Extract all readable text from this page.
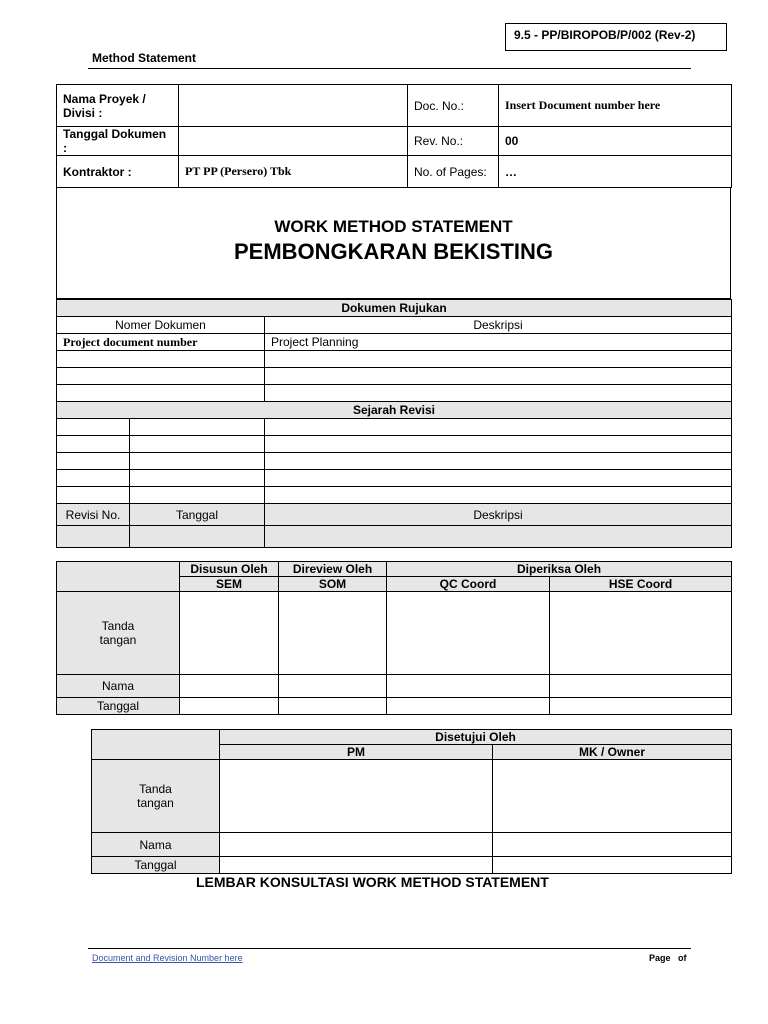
9.5 - PP/BIROPOB/P/002 (Rev-2)
Method Statement
Nama Proyek / Divisi :		Doc. No.:	Insert Document number here
Tanggal Dokumen :		Rev. No.:	00
Kontraktor :	PT PP (Persero) Tbk	No. of Pages:	…
WORK METHOD STATEMENT
PEMBONGKARAN BEKISTING
Dokumen Rujukan		
Nomer Dokumen		Deskripsi
Project document number		Project Planning

Sejarah Revisi		

Revisi No.	Tanggal	Deskripsi

	Disusun Oleh	Direview Oleh	Diperiksa Oleh	
	SEM	SOM	QC Coord	HSE Coord
Tanda tangan				
Nama				
Tanggal				
	Disetujui Oleh	
	PM	MK / Owner
Tanda tangan		
Nama		
Tanggal		
LEMBAR KONSULTASI WORK METHOD STATEMENT
Document and Revision Number here	Page   of
